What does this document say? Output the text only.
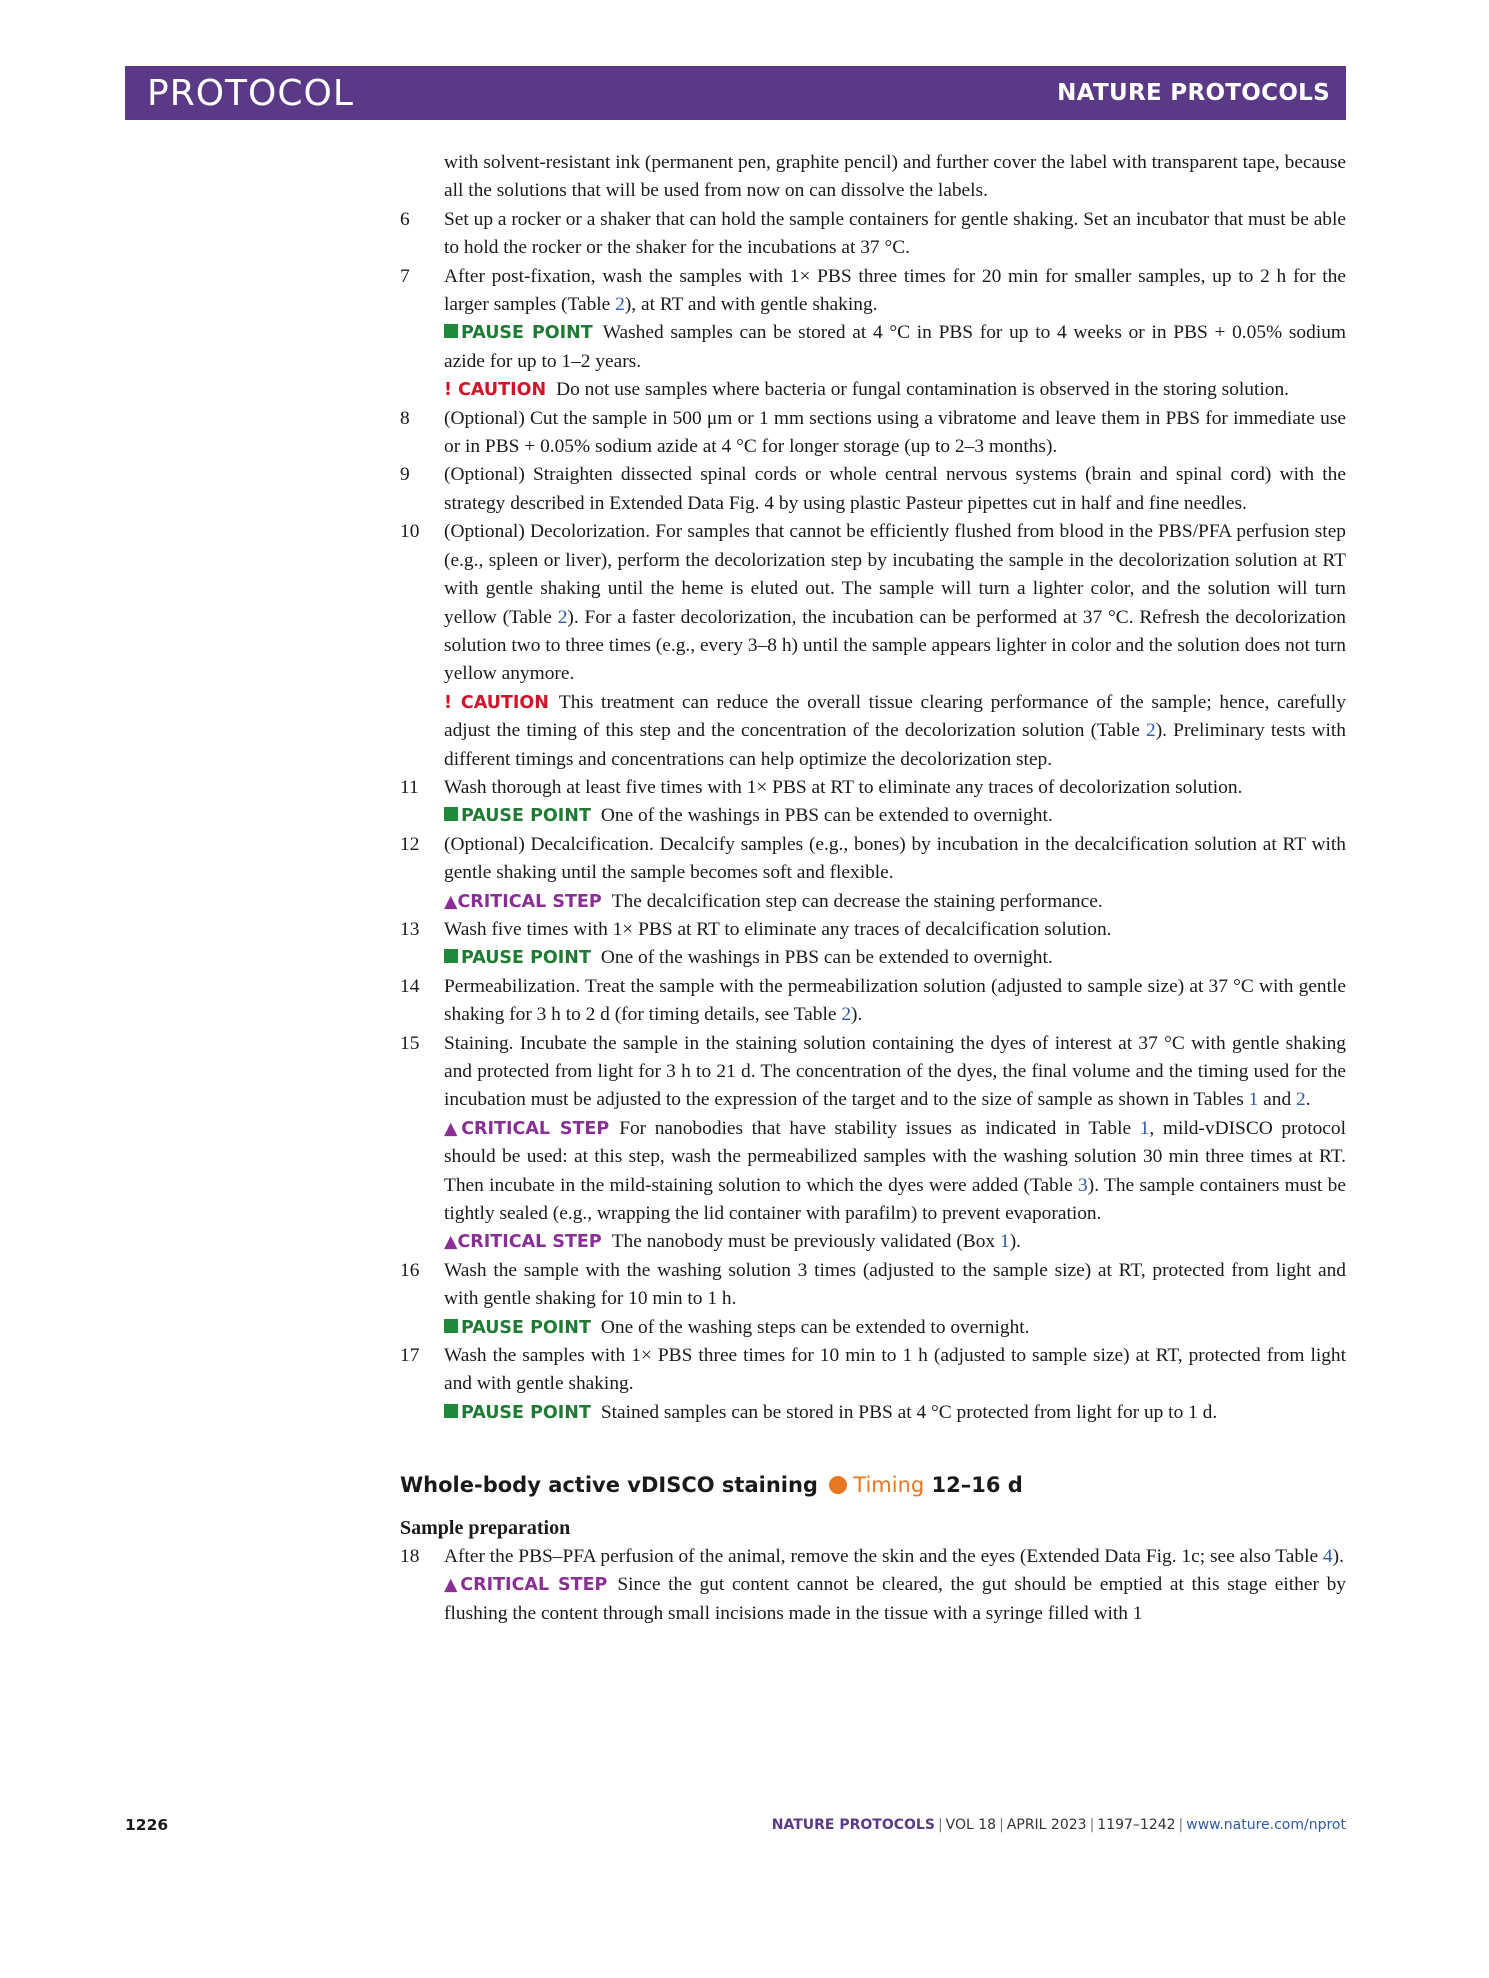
PROTOCOL	NATURE PROTOCOLS
with solvent-resistant ink (permanent pen, graphite pencil) and further cover the label with transparent tape, because all the solutions that will be used from now on can dissolve the labels.
6 Set up a rocker or a shaker that can hold the sample containers for gentle shaking. Set an incubator that must be able to hold the rocker or the shaker for the incubations at 37 °C.
7 After post-fixation, wash the samples with 1× PBS three times for 20 min for smaller samples, up to 2 h for the larger samples (Table 2), at RT and with gentle shaking.
PAUSE POINT Washed samples can be stored at 4 °C in PBS for up to 4 weeks or in PBS + 0.05% sodium azide for up to 1–2 years.
! CAUTION Do not use samples where bacteria or fungal contamination is observed in the storing solution.
8 (Optional) Cut the sample in 500 μm or 1 mm sections using a vibratome and leave them in PBS for immediate use or in PBS + 0.05% sodium azide at 4 °C for longer storage (up to 2–3 months).
9 (Optional) Straighten dissected spinal cords or whole central nervous systems (brain and spinal cord) with the strategy described in Extended Data Fig. 4 by using plastic Pasteur pipettes cut in half and fine needles.
10 (Optional) Decolorization. For samples that cannot be efficiently flushed from blood in the PBS/PFA perfusion step (e.g., spleen or liver), perform the decolorization step by incubating the sample in the decolorization solution at RT with gentle shaking until the heme is eluted out. The sample will turn a lighter color, and the solution will turn yellow (Table 2). For a faster decolorization, the incubation can be performed at 37 °C. Refresh the decolorization solution two to three times (e.g., every 3–8 h) until the sample appears lighter in color and the solution does not turn yellow anymore.
! CAUTION This treatment can reduce the overall tissue clearing performance of the sample; hence, carefully adjust the timing of this step and the concentration of the decolorization solution (Table 2). Preliminary tests with different timings and concentrations can help optimize the decolorization step.
11 Wash thorough at least five times with 1× PBS at RT to eliminate any traces of decolorization solution.
PAUSE POINT One of the washings in PBS can be extended to overnight.
12 (Optional) Decalcification. Decalcify samples (e.g., bones) by incubation in the decalcification solution at RT with gentle shaking until the sample becomes soft and flexible.
▲CRITICAL STEP The decalcification step can decrease the staining performance.
13 Wash five times with 1× PBS at RT to eliminate any traces of decalcification solution.
PAUSE POINT One of the washings in PBS can be extended to overnight.
14 Permeabilization. Treat the sample with the permeabilization solution (adjusted to sample size) at 37 °C with gentle shaking for 3 h to 2 d (for timing details, see Table 2).
15 Staining. Incubate the sample in the staining solution containing the dyes of interest at 37 °C with gentle shaking and protected from light for 3 h to 21 d. The concentration of the dyes, the final volume and the timing used for the incubation must be adjusted to the expression of the target and to the size of sample as shown in Tables 1 and 2.
▲CRITICAL STEP For nanobodies that have stability issues as indicated in Table 1, mild-vDISCO protocol should be used: at this step, wash the permeabilized samples with the washing solution 30 min three times at RT. Then incubate in the mild-staining solution to which the dyes were added (Table 3). The sample containers must be tightly sealed (e.g., wrapping the lid container with parafilm) to prevent evaporation.
▲CRITICAL STEP The nanobody must be previously validated (Box 1).
16 Wash the sample with the washing solution 3 times (adjusted to the sample size) at RT, protected from light and with gentle shaking for 10 min to 1 h.
PAUSE POINT One of the washing steps can be extended to overnight.
17 Wash the samples with 1× PBS three times for 10 min to 1 h (adjusted to sample size) at RT, protected from light and with gentle shaking.
PAUSE POINT Stained samples can be stored in PBS at 4 °C protected from light for up to 1 d.
Whole-body active vDISCO staining Timing 12–16 d
Sample preparation
18 After the PBS–PFA perfusion of the animal, remove the skin and the eyes (Extended Data Fig. 1c; see also Table 4).
▲CRITICAL STEP Since the gut content cannot be cleared, the gut should be emptied at this stage either by flushing the content through small incisions made in the tissue with a syringe filled with 1
1226	NATURE PROTOCOLS | VOL 18 | APRIL 2023 | 1197–1242 | www.nature.com/nprot
